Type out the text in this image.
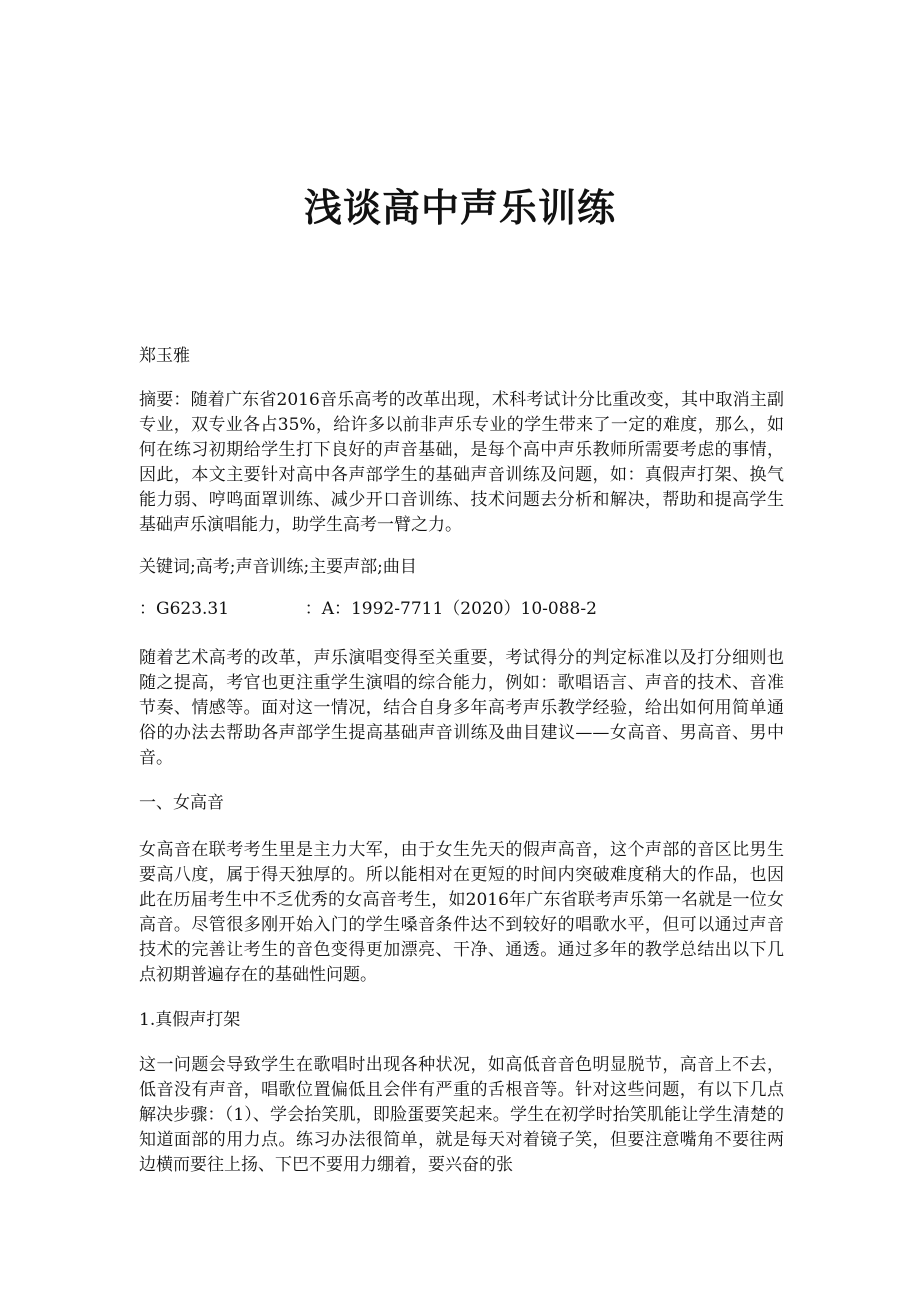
浅谈高中声乐训练

郑玉雅

摘要：随着广东省2016音乐高考的改革出现，术科考试计分比重改变，其中取消主副专业，双专业各占35%，给许多以前非声乐专业的学生带来了一定的难度，那么，如何在练习初期给学生打下良好的声音基础，是每个高中声乐教师所需要考虑的事情，因此，本文主要针对高中各声部学生的基础声音训练及问题，如：真假声打架、换气能力弱、哼鸣面罩训练、减少开口音训练、技术问题去分析和解决，帮助和提高学生基础声乐演唱能力，助学生高考一臂之力。

关键词;高考;声音训练;主要声部;曲目

：G623.31              ：A：1992-7711（2020）10-088-2

随着艺术高考的改革，声乐演唱变得至关重要，考试得分的判定标准以及打分细则也随之提高，考官也更注重学生演唱的综合能力，例如：歌唱语言、声音的技术、音准节奏、情感等。面对这一情况，结合自身多年高考声乐教学经验，给出如何用简单通俗的办法去帮助各声部学生提高基础声音训练及曲目建议——女高音、男高音、男中音。

一、女高音

女高音在联考考生里是主力大军，由于女生先天的假声高音，这个声部的音区比男生要高八度，属于得天独厚的。所以能相对在更短的时间内突破难度稍大的作品，也因此在历届考生中不乏优秀的女高音考生，如2016年广东省联考声乐第一名就是一位女高音。尽管很多刚开始入门的学生嗓音条件达不到较好的唱歌水平，但可以通过声音技术的完善让考生的音色变得更加漂亮、干净、通透。通过多年的教学总结出以下几点初期普遍存在的基础性问题。

1.真假声打架

这一问题会导致学生在歌唱时出现各种状况，如高低音音色明显脱节，高音上不去，低音没有声音，唱歌位置偏低且会伴有严重的舌根音等。针对这些问题，有以下几点解决步骤：（1）、学会抬笑肌，即脸蛋要笑起来。学生在初学时抬笑肌能让学生清楚的知道面部的用力点。练习办法很简单，就是每天对着镜子笑，但要注意嘴角不要往两边横而要往上扬、下巴不要用力绷着，要兴奋的张
